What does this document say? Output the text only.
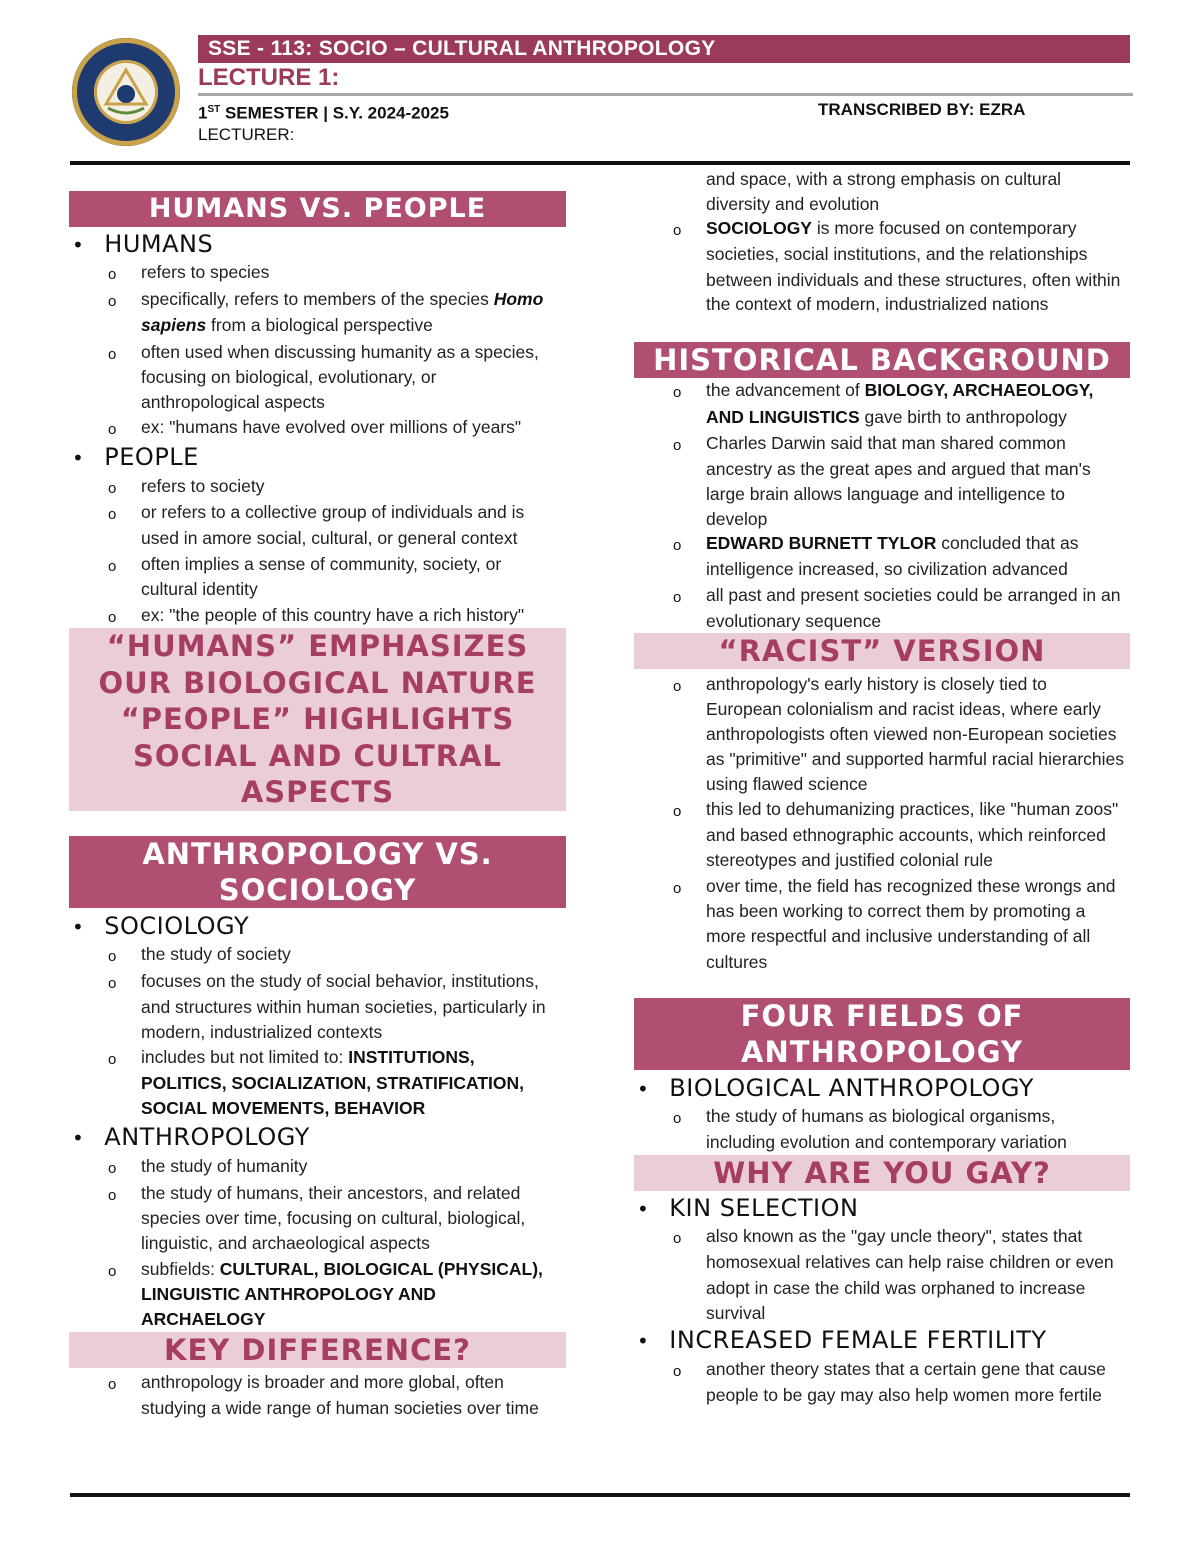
SSE - 113: SOCIO – CULTURAL ANTHROPOLOGY
LECTURE 1:
1ST SEMESTER | S.Y. 2024-2025	TRANSCRIBED BY: EZRA
LECTURER:
HUMANS VS. PEOPLE
• HUMANS
o refers to species
o specifically, refers to members of the species Homo
sapiens from a biological perspective
o often used when discussing humanity as a species,
focusing on biological, evolutionary, or
anthropological aspects
o ex: "humans have evolved over millions of years"
• PEOPLE
o refers to society
o or refers to a collective group of individuals and is
used in amore social, cultural, or general context
o often implies a sense of community, society, or
cultural identity
o ex: "the people of this country have a rich history"
“HUMANS” EMPHASIZES
OUR BIOLOGICAL NATURE
“PEOPLE” HIGHLIGHTS
SOCIAL AND CULTRAL
ASPECTS
ANTHROPOLOGY VS.
SOCIOLOGY
• SOCIOLOGY
o the study of society
o focuses on the study of social behavior, institutions,
and structures within human societies, particularly in
modern, industrialized contexts
o includes but not limited to: INSTITUTIONS,
POLITICS, SOCIALIZATION, STRATIFICATION,
SOCIAL MOVEMENTS, BEHAVIOR
• ANTHROPOLOGY
o the study of humanity
o the study of humans, their ancestors, and related
species over time, focusing on cultural, biological,
linguistic, and archaeological aspects
o subfields: CULTURAL, BIOLOGICAL (PHYSICAL),
LINGUISTIC ANTHROPOLOGY AND
ARCHAELOGY
KEY DIFFERENCE?
o anthropology is broader and more global, often
studying a wide range of human societies over time
and space, with a strong emphasis on cultural
diversity and evolution
o SOCIOLOGY is more focused on contemporary
societies, social institutions, and the relationships
between individuals and these structures, often within
the context of modern, industrialized nations
HISTORICAL BACKGROUND
o the advancement of BIOLOGY, ARCHAEOLOGY,
AND LINGUISTICS gave birth to anthropology
o Charles Darwin said that man shared common
ancestry as the great apes and argued that man's
large brain allows language and intelligence to
develop
o EDWARD BURNETT TYLOR concluded that as
intelligence increased, so civilization advanced
o all past and present societies could be arranged in an
evolutionary sequence
“RACIST” VERSION
o anthropology's early history is closely tied to
European colonialism and racist ideas, where early
anthropologists often viewed non-European societies
as "primitive" and supported harmful racial hierarchies
using flawed science
o this led to dehumanizing practices, like "human zoos"
and based ethnographic accounts, which reinforced
stereotypes and justified colonial rule
o over time, the field has recognized these wrongs and
has been working to correct them by promoting a
more respectful and inclusive understanding of all
cultures
FOUR FIELDS OF
ANTHROPOLOGY
• BIOLOGICAL ANTHROPOLOGY
o the study of humans as biological organisms,
including evolution and contemporary variation
WHY ARE YOU GAY?
• KIN SELECTION
o also known as the "gay uncle theory", states that
homosexual relatives can help raise children or even
adopt in case the child was orphaned to increase
survival
• INCREASED FEMALE FERTILITY
o another theory states that a certain gene that cause
people to be gay may also help women more fertile
